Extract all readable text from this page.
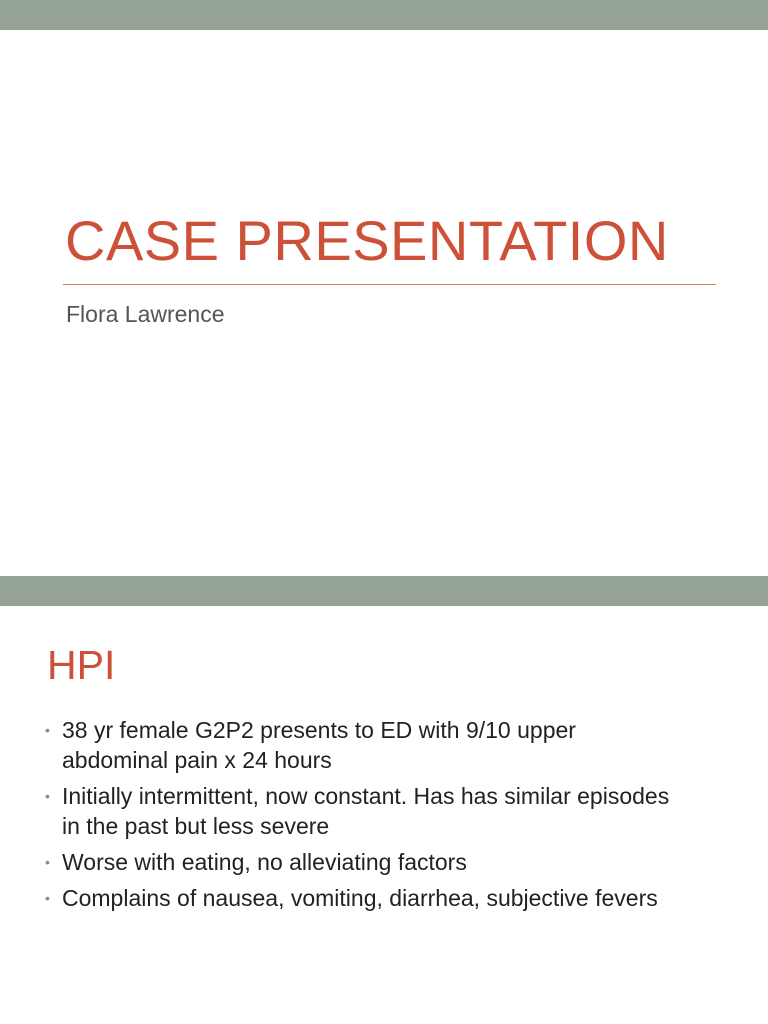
CASE PRESENTATION
Flora Lawrence
HPI
• 38 yr female G2P2 presents to ED with 9/10 upper abdominal pain x 24 hours
• Initially intermittent, now constant. Has has similar episodes in the past but less severe
• Worse with eating, no alleviating factors
• Complains of nausea, vomiting, diarrhea, subjective fevers
